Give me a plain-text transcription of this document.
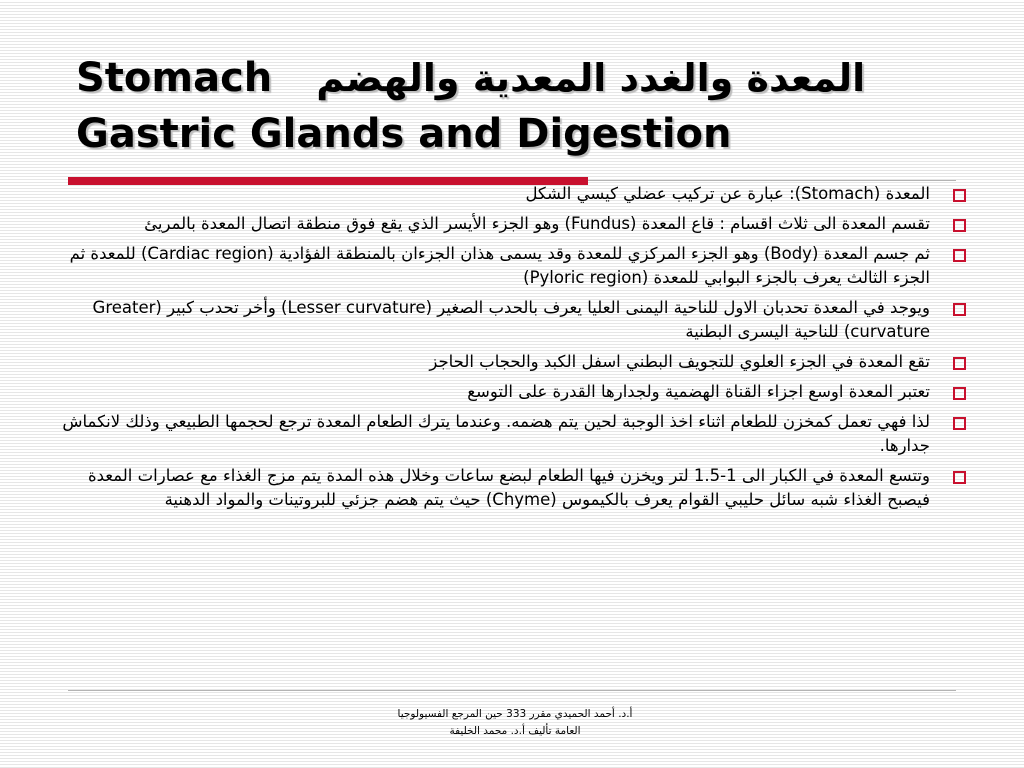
Stomach المعدة والغدد المعدية والهضم
Gastric Glands and Digestion
المعدة (Stomach): عبارة عن تركيب عضلي كيسي الشكل
تقسم المعدة الى ثلاث اقسام : قاع المعدة (Fundus) وهو الجزء الأيسر الذي يقع فوق منطقة اتصال المعدة بالمريئ
ثم جسم المعدة (Body) وهو الجزء المركزي للمعدة وقد يسمى هذان الجزءان بالمنطقة الفؤادية (Cardiac region) للمعدة ثم الجزء الثالث يعرف بالجزء البوابي للمعدة (Pyloric region)
ويوجد في المعدة تحدبان الاول للناحية اليمنى العليا يعرف بالحدب الصغير (Lesser curvature) وأخر تحدب كبير (Greater curvature) للناحية اليسرى البطنية
تقع المعدة في الجزء العلوي للتجويف البطني اسفل الكبد والحجاب الحاجز
تعتبر المعدة اوسع اجزاء القناة الهضمية ولجدارها القدرة على التوسع
لذا فهي تعمل كمخزن للطعام اثناء اخذ الوجبة لحين يتم هضمه. وعندما يترك الطعام المعدة ترجع لحجمها الطبيعي وذلك لانكماش جدارها.
وتتسع المعدة في الكبار الى 1-1.5 لتر ويخزن فيها الطعام لبضع ساعات وخلال هذه المدة يتم مزج الغذاء مع عصارات المعدة فيصبح الغذاء شبه سائل حليبي القوام يعرف بالكيموس (Chyme) حيث يتم هضم جزئي للبروتينات والمواد الدهنية
أ.د. أحمد الحميدي مقرر 333 حين المرجع الفسيولوجيا
العامة تأليف أ.د. محمد الخليفة
